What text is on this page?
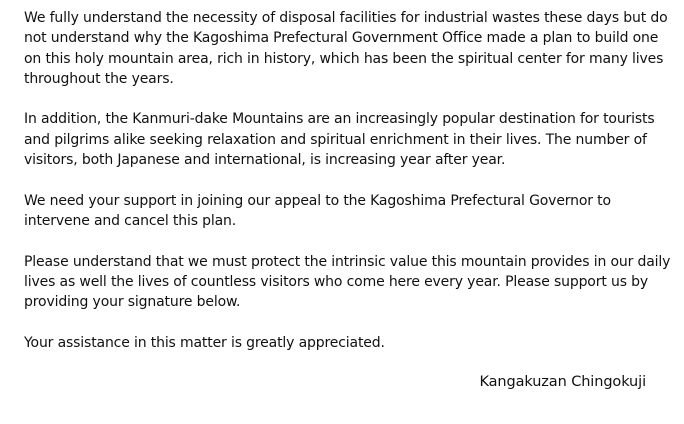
We fully understand the necessity of disposal facilities for industrial wastes these days but do
not understand why the Kagoshima Prefectural Government Office made a plan to build one
on this holy mountain area, rich in history, which has been the spiritual center for many lives
throughout the years.

In addition, the Kanmuri-dake Mountains are an increasingly popular destination for tourists
and pilgrims alike seeking relaxation and spiritual enrichment in their lives. The number of
visitors, both Japanese and international, is increasing year after year.

We need your support in joining our appeal to the Kagoshima Prefectural Governor to
intervene and cancel this plan.

Please understand that we must protect the intrinsic value this mountain provides in our daily
lives as well the lives of countless visitors who come here every year. Please support us by
providing your signature below.

Your assistance in this matter is greatly appreciated.

Kangakuzan Chingokuji
